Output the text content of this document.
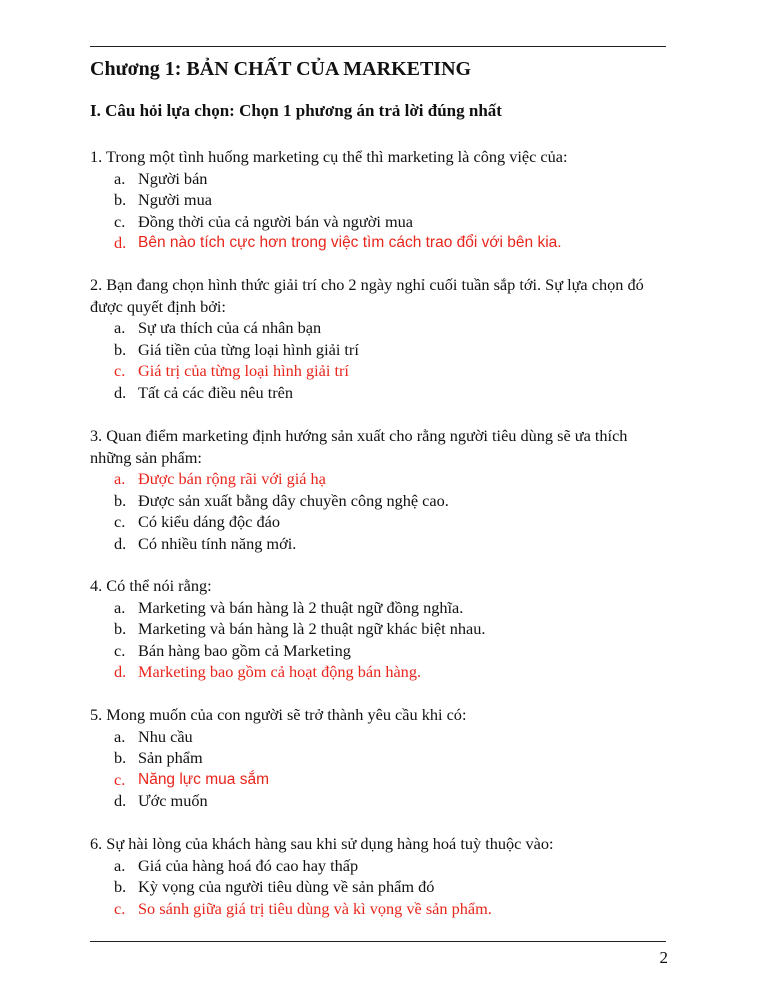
Chương 1: BẢN CHẤT CỦA MARKETING
I. Câu hỏi lựa chọn: Chọn 1 phương án trả lời đúng nhất

1. Trong một tình huống marketing cụ thể thì marketing là công việc của:

a. Người bán
b. Người mua
c. Đồng thời của cả người bán và người mua
d. Bên nào tích cực hơn trong việc tìm cách trao đổi với bên kia.

2. Bạn đang chọn hình thức giải trí cho 2 ngày nghỉ cuối tuần sắp tới. Sự lựa chọn đó được quyết định bởi:

a. Sự ưa thích của cá nhân bạn
b. Giá tiền của từng loại hình giải trí
c. Giá trị của từng loại hình giải trí
d. Tất cả các điều nêu trên

3. Quan điểm marketing định hướng sản xuất cho rằng người tiêu dùng sẽ ưa thích những sản phẩm:

a. Được bán rộng rãi với giá hạ
b. Được sản xuất bằng dây chuyền công nghệ cao.
c. Có kiểu dáng độc đáo
d. Có nhiều tính năng mới.

4. Có thể nói rằng:

a. Marketing và bán hàng là 2 thuật ngữ đồng nghĩa.
b. Marketing và bán hàng là 2 thuật ngữ khác biệt nhau.
c. Bán hàng bao gồm cả Marketing
d. Marketing bao gồm cả hoạt động bán hàng.

5. Mong muốn của con người sẽ trở thành yêu cầu khi có:

a. Nhu cầu
b. Sản phẩm
c. Năng lực mua sắm
d. Ước muốn

6. Sự hài lòng của khách hàng sau khi sử dụng hàng hoá tuỳ thuộc vào:

a. Giá của hàng hoá đó cao hay thấp
b. Kỳ vọng của người tiêu dùng về sản phẩm đó
c. So sánh giữa giá trị tiêu dùng và kì vọng về sản phẩm.
2
